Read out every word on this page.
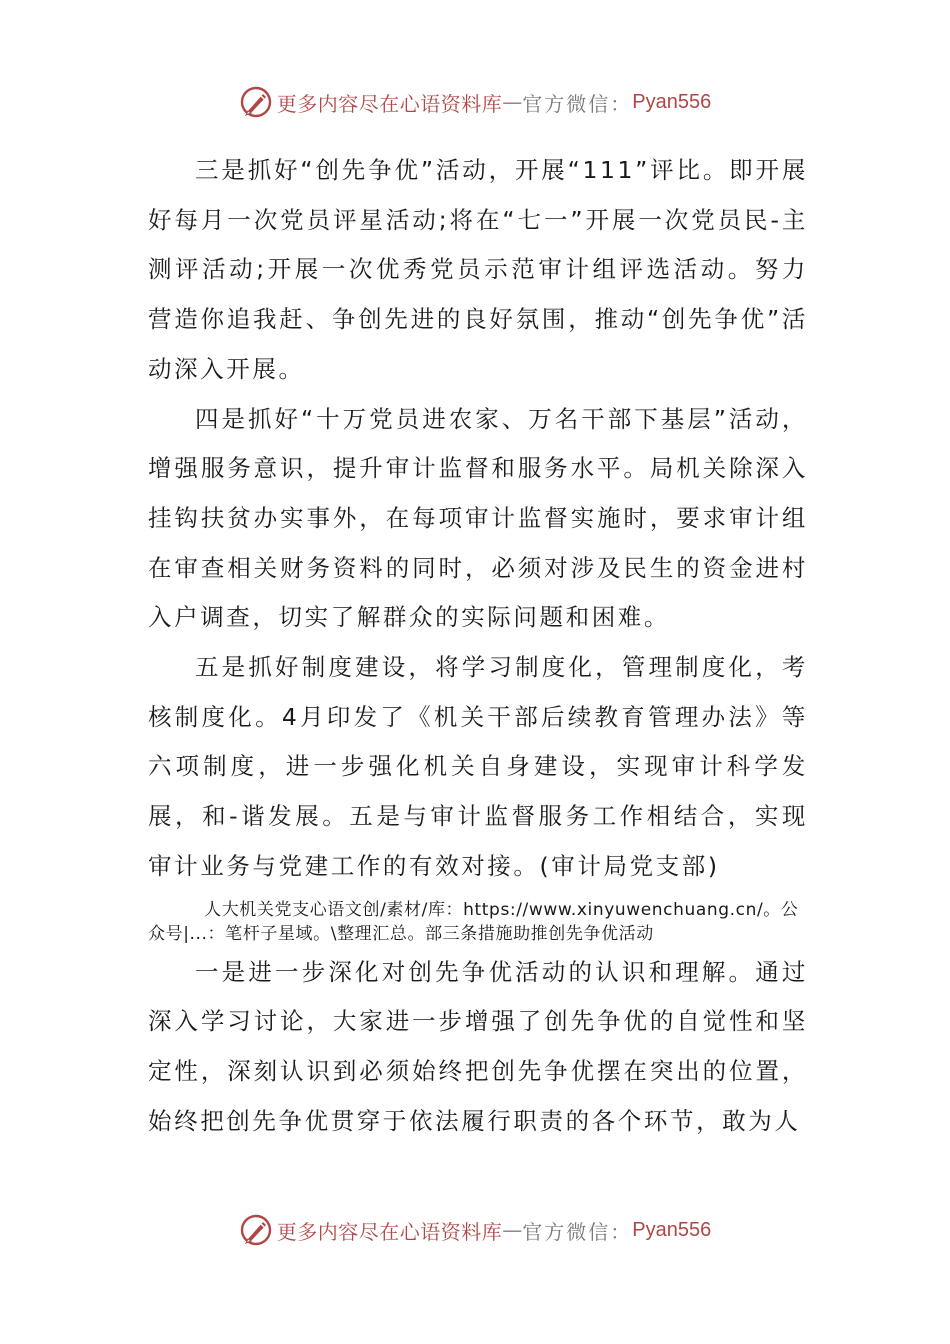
更多内容尽在心语资料库 — 官方微信： Pyan556

三是抓好“创先争优”活动，开展“111”评比。即开展好每月一次党员评星活动;将在“七一”开展一次党员民-主测评活动;开展一次优秀党员示范审计组评选活动。努力营造你追我赶、争创先进的良好氛围，推动“创先争优”活动深入开展。

四是抓好“十万党员进农家、万名干部下基层”活动，增强服务意识，提升审计监督和服务水平。局机关除深入挂钩扶贫办实事外，在每项审计监督实施时，要求审计组在审查相关财务资料的同时，必须对涉及民生的资金进村入户调查，切实了解群众的实际问题和困难。

五是抓好制度建设，将学习制度化，管理制度化，考核制度化。4月印发了《机关干部后续教育管理办法》等六项制度，进一步强化机关自身建设，实现审计科学发展，和-谐发展。五是与审计监督服务工作相结合，实现审计业务与党建工作的有效对接。(审计局党支部)

人大机关党支心语文创/素材/库：https://www.xinyuwenchuang.cn/。公众号|...：笔杆子星域。\整理汇总。部三条措施助推创先争优活动

一是进一步深化对创先争优活动的认识和理解。通过深入学习讨论，大家进一步增强了创先争优的自觉性和坚定性，深刻认识到必须始终把创先争优摆在突出的位置，始终把创先争优贯穿于依法履行职责的各个环节，敢为人

更多内容尽在心语资料库 — 官方微信： Pyan556
